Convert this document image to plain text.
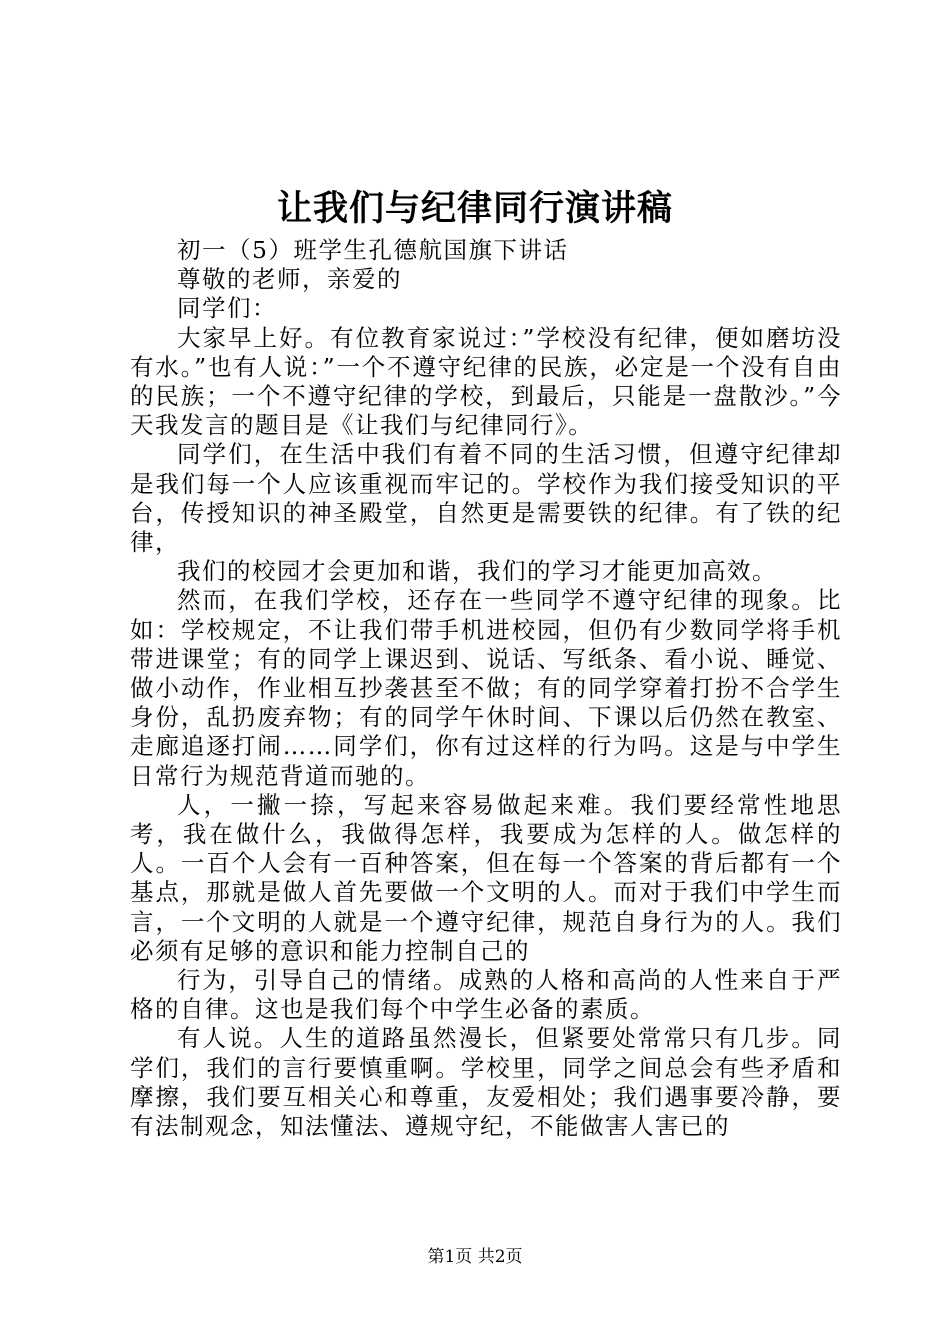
让我们与纪律同行演讲稿

初一（5）班学生孔德航国旗下讲话

尊敬的老师，亲爱的

同学们：

大家早上好。有位教育家说过：”学校没有纪律，便如磨坊没有水。”也有人说：”一个不遵守纪律的民族，必定是一个没有自由的民族；一个不遵守纪律的学校，到最后，只能是一盘散沙。”今天我发言的题目是《让我们与纪律同行》。

同学们，在生活中我们有着不同的生活习惯，但遵守纪律却是我们每一个人应该重视而牢记的。学校作为我们接受知识的平台，传授知识的神圣殿堂，自然更是需要铁的纪律。有了铁的纪律，

我们的校园才会更加和谐，我们的学习才能更加高效。

然而，在我们学校，还存在一些同学不遵守纪律的现象。比如：学校规定，不让我们带手机进校园，但仍有少数同学将手机带进课堂；有的同学上课迟到、说话、写纸条、看小说、睡觉、做小动作，作业相互抄袭甚至不做；有的同学穿着打扮不合学生身份，乱扔废弃物；有的同学午休时间、下课以后仍然在教室、走廊追逐打闹……同学们，你有过这样的行为吗。这是与中学生日常行为规范背道而驰的。

人，一撇一捺，写起来容易做起来难。我们要经常性地思考，我在做什么，我做得怎样，我要成为怎样的人。做怎样的人。一百个人会有一百种答案，但在每一个答案的背后都有一个基点，那就是做人首先要做一个文明的人。而对于我们中学生而言，一个文明的人就是一个遵守纪律，规范自身行为的人。我们必须有足够的意识和能力控制自己的

行为，引导自己的情绪。成熟的人格和高尚的人性来自于严格的自律。这也是我们每个中学生必备的素质。

有人说。人生的道路虽然漫长，但紧要处常常只有几步。同学们，我们的言行要慎重啊。学校里，同学之间总会有些矛盾和摩擦，我们要互相关心和尊重，友爱相处；我们遇事要冷静，要有法制观念，知法懂法、遵规守纪，不能做害人害已的

第1页 共2页
